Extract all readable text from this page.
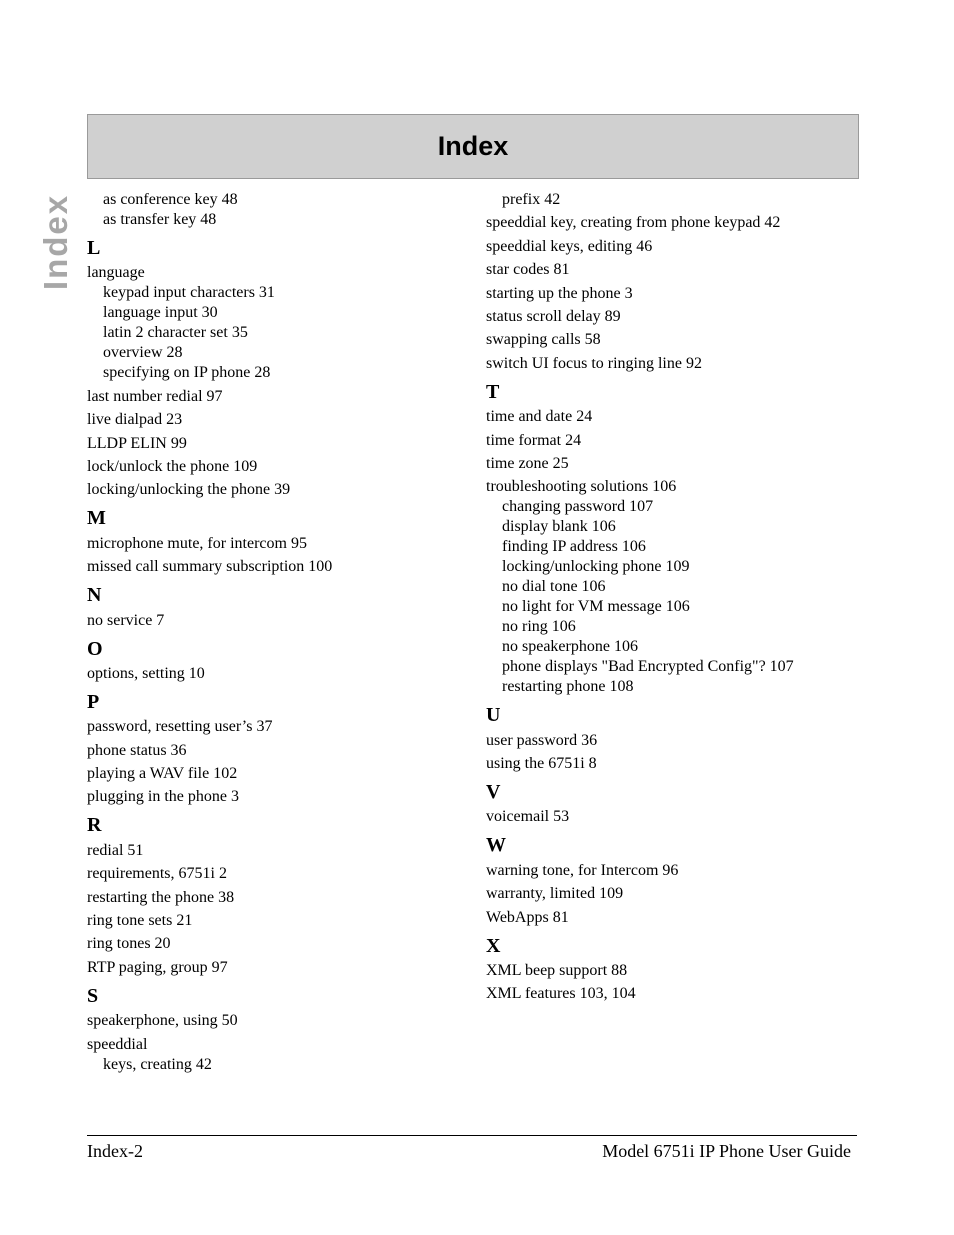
Index
Index
as conference key 48
as transfer key 48
L
language
keypad input characters 31
language input 30
latin 2 character set 35
overview 28
specifying on IP phone 28
last number redial 97
live dialpad 23
LLDP ELIN 99
lock/unlock the phone 109
locking/unlocking the phone 39
M
microphone mute, for intercom 95
missed call summary subscription 100
N
no service 7
O
options, setting 10
P
password, resetting user’s 37
phone status 36
playing a WAV file 102
plugging in the phone 3
R
redial 51
requirements, 6751i 2
restarting the phone 38
ring tone sets 21
ring tones 20
RTP paging, group 97
S
speakerphone, using 50
speeddial
keys, creating 42
prefix 42
speeddial key, creating from phone keypad 42
speeddial keys, editing 46
star codes 81
starting up the phone 3
status scroll delay 89
swapping calls 58
switch UI focus to ringing line 92
T
time and date 24
time format 24
time zone 25
troubleshooting solutions 106
changing password 107
display blank 106
finding IP address 106
locking/unlocking phone 109
no dial tone 106
no light for VM message 106
no ring 106
no speakerphone 106
phone displays "Bad Encrypted Config"? 107
restarting phone 108
U
user password 36
using the 6751i 8
V
voicemail 53
W
warning tone, for Intercom 96
warranty, limited 109
WebApps 81
X
XML beep support 88
XML features 103, 104
Index-2	Model 6751i IP Phone User Guide
